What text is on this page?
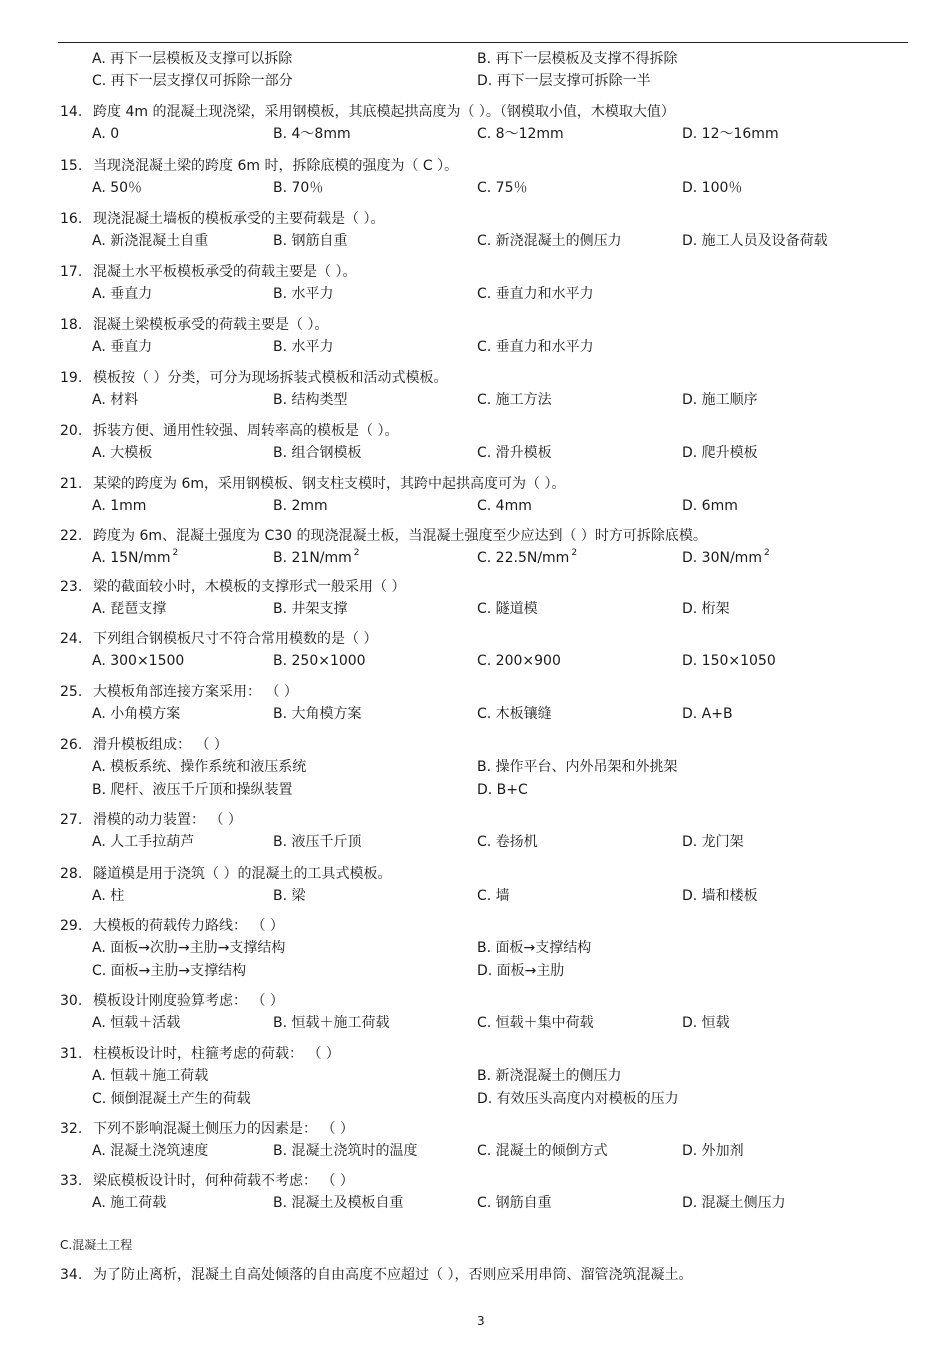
A. 再下一层模板及支撑可以拆除	B. 再下一层模板及支撑不得拆除
C. 再下一层支撑仅可拆除一部分	D. 再下一层支撑可拆除一半
14. 跨度 4m 的混凝土现浇梁，采用钢模板，其底模起拱高度为（ ）。（钢模取小值，木模取大值）
A. 0	B. 4～8mm	C. 8～12mm	D. 12～16mm
15. 当现浇混凝土梁的跨度 6m 时，拆除底模的强度为（ C ）。
A. 50％	B. 70％	C. 75％	D. 100％
16. 现浇混凝土墙板的模板承受的主要荷载是（ ）。
A. 新浇混凝土自重	B. 钢筋自重	C. 新浇混凝土的侧压力	D. 施工人员及设备荷载
17. 混凝土水平板模板承受的荷载主要是（ ）。
A. 垂直力	B. 水平力	C. 垂直力和水平力
18. 混凝土梁模板承受的荷载主要是（ ）。
A. 垂直力	B. 水平力	C. 垂直力和水平力
19. 模板按（ ）分类，可分为现场拆装式模板和活动式模板。
A. 材料	B. 结构类型	C. 施工方法	D. 施工顺序
20. 拆装方便、通用性较强、周转率高的模板是（ ）。
A. 大模板	B. 组合钢模板	C. 滑升模板	D. 爬升模板
21. 某梁的跨度为 6m，采用钢模板、钢支柱支模时，其跨中起拱高度可为（ ）。
A. 1mm	B. 2mm	C. 4mm	D. 6mm
22. 跨度为 6m、混凝土强度为 C30 的现浇混凝土板，当混凝土强度至少应达到（ ）时方可拆除底模。
A. 15N/mm $^2$	B. 21N/mm $^2$	C. 22.5N/mm $^2$	D. 30N/mm $^2$
23. 梁的截面较小时，木模板的支撑形式一般采用（ ）
A. 琵琶支撑	B. 井架支撑	C. 隧道模	D. 桁架
24. 下列组合钢模板尺寸不符合常用模数的是（ ）
A. 300×1500	B. 250×1000	C. 200×900	D. 150×1050
25. 大模板角部连接方案采用： （ ）
A. 小角模方案	B. 大角模方案	C. 木板镶缝	D. A+B
26. 滑升模板组成： （ ）
A. 模板系统、操作系统和液压系统	B. 操作平台、内外吊架和外挑架
B. 爬杆、液压千斤顶和操纵装置	D. B+C
27. 滑模的动力装置： （ ）
A. 人工手拉葫芦	B. 液压千斤顶	C. 卷扬机	D. 龙门架
28. 隧道模是用于浇筑（ ）的混凝土的工具式模板。
A. 柱	B. 梁	C. 墙	D. 墙和楼板
29. 大模板的荷载传力路线： （ ）
A. 面板→次肋→主肋→支撑结构	B. 面板→支撑结构
C. 面板→主肋→支撑结构	D. 面板→主肋
30. 模板设计刚度验算考虑： （ ）
A. 恒载＋活载	B. 恒载＋施工荷载	C. 恒载＋集中荷载	D. 恒载
31. 柱模板设计时，柱箍考虑的荷载： （ ）
A. 恒载＋施工荷载	B. 新浇混凝土的侧压力
C. 倾倒混凝土产生的荷载	D. 有效压头高度内对模板的压力
32. 下列不影响混凝土侧压力的因素是： （ ）
A. 混凝土浇筑速度	B. 混凝土浇筑时的温度	C. 混凝土的倾倒方式	D. 外加剂
33. 梁底模板设计时，何种荷载不考虑： （ ）
A. 施工荷载	B. 混凝土及模板自重	C. 钢筋自重	D. 混凝土侧压力
C.混凝土工程
34. 为了防止离析，混凝土自高处倾落的自由高度不应超过（ ），否则应采用串筒、溜管浇筑混凝土。
3
